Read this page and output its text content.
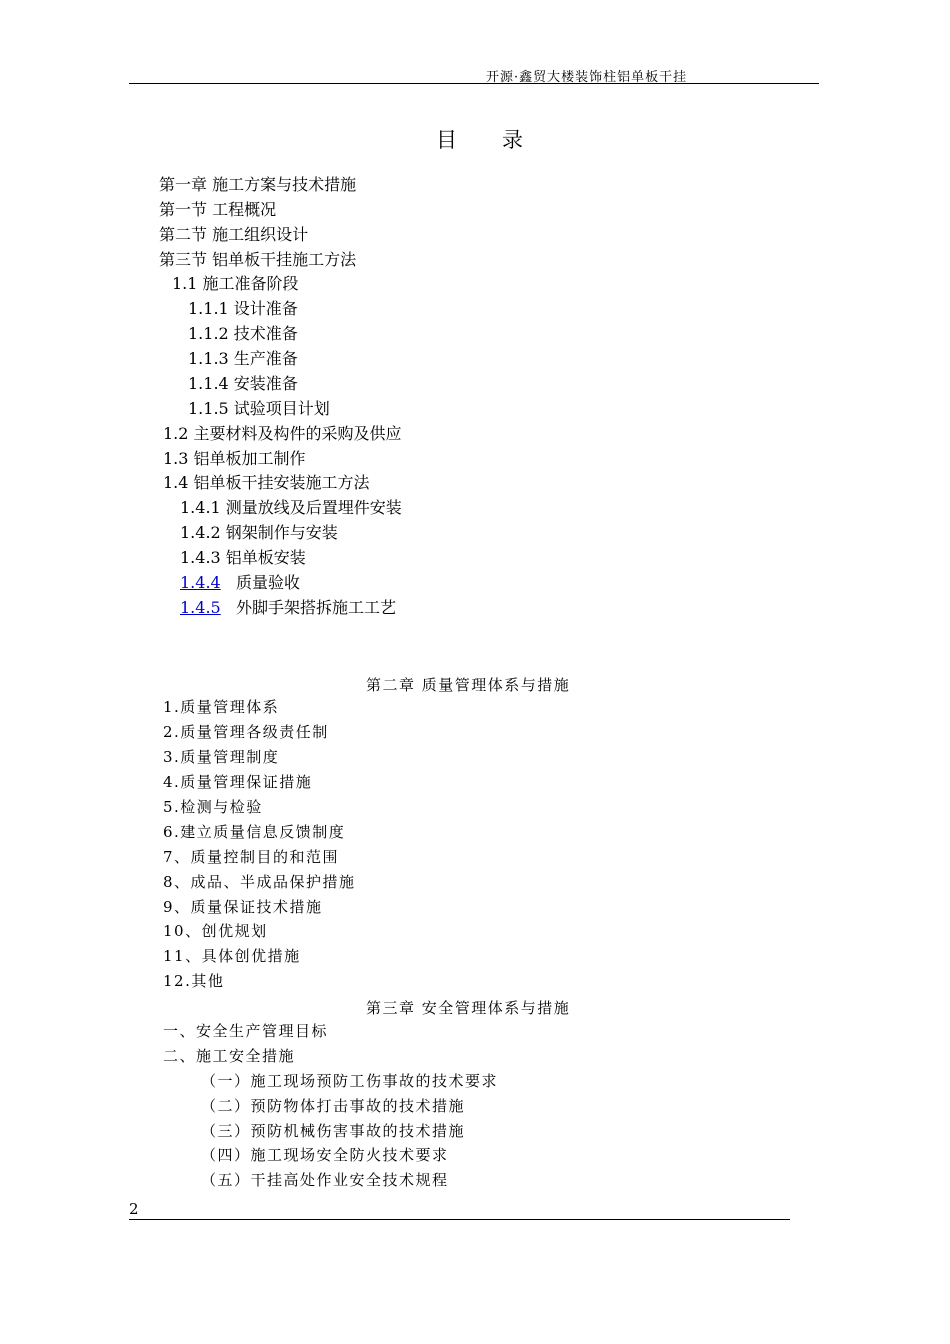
开源·鑫贸大楼装饰柱铝单板干挂
目 录
第一章 施工方案与技术措施
第一节 工程概况
第二节 施工组织设计
第三节 铝单板干挂施工方法
1.1 施工准备阶段
1.1.1 设计准备
1.1.2 技术准备
1.1.3 生产准备
1.1.4 安装准备
1.1.5 试验项目计划
1.2 主要材料及构件的采购及供应
1.3 铝单板加工制作
1.4 铝单板干挂安装施工方法
1.4.1 测量放线及后置埋件安装
1.4.2 钢架制作与安装
1.4.3 铝单板安装
1.4.4 质量验收
1.4.5 外脚手架搭拆施工工艺
第二章 质量管理体系与措施
1.质量管理体系
2.质量管理各级责任制
3.质量管理制度
4.质量管理保证措施
5.检测与检验
6.建立质量信息反馈制度
7、质量控制目的和范围
8、成品、半成品保护措施
9、质量保证技术措施
10、创优规划
11、具体创优措施
12.其他
第三章 安全管理体系与措施
一、安全生产管理目标
二、施工安全措施
（一）施工现场预防工伤事故的技术要求
（二）预防物体打击事故的技术措施
（三）预防机械伤害事故的技术措施
（四）施工现场安全防火技术要求
（五）干挂高处作业安全技术规程
2
